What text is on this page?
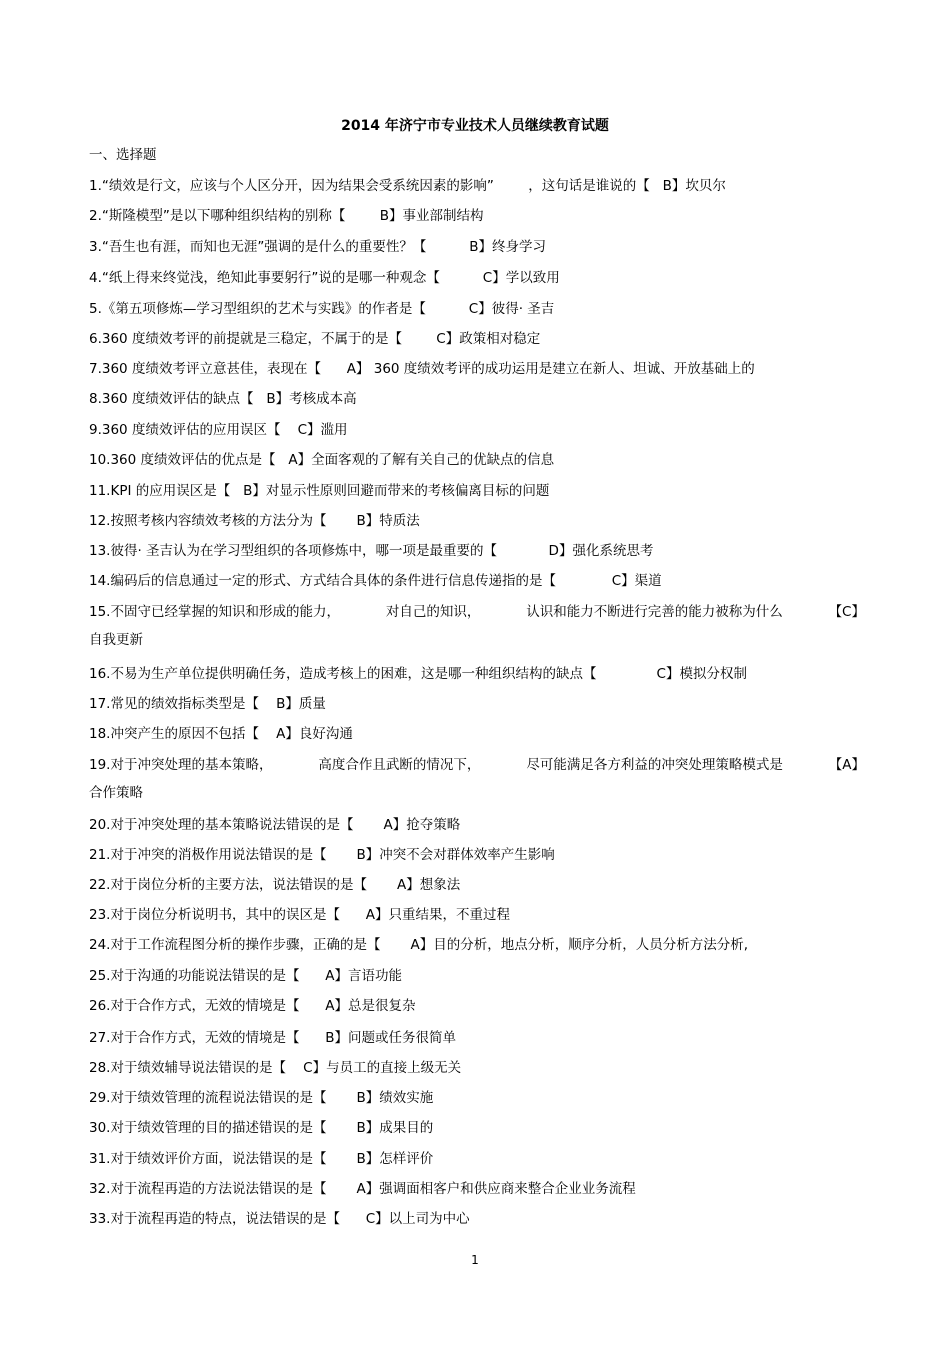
2014 年济宁市专业技术人员继续教育试题
一、选择题
1.“绩效是行文，应该与个人区分开，因为结果会受系统因素的影响”	，这句话是谁说的【   B】坎贝尔
2.“斯隆模型”是以下哪种组织结构的别称【        B】事业部制结构
3.“吾生也有涯，而知也无涯”强调的是什么的重要性？【          B】终身学习
4.“纸上得来终觉浅，绝知此事要躬行”说的是哪一种观念【          C】学以致用
5.《第五项修炼—学习型组织的艺术与实践》的作者是【          C】彼得· 圣吉
6.360 度绩效考评的前提就是三稳定，不属于的是【        C】政策相对稳定
7.360 度绩效考评立意甚佳，表现在【      A】 360 度绩效考评的成功运用是建立在新人、坦诚、开放基础上的
8.360 度绩效评估的缺点【   B】考核成本高
9.360 度绩效评估的应用误区【    C】滥用
10.360 度绩效评估的优点是【   A】全面客观的了解有关自己的优缺点的信息
11.KPI 的应用误区是【   B】对显示性原则回避而带来的考核偏离目标的问题
12.按照考核内容绩效考核的方法分为【       B】特质法
13.彼得· 圣吉认为在学习型组织的各项修炼中，哪一项是最重要的【            D】强化系统思考
14.编码后的信息通过一定的形式、方式结合具体的条件进行信息传递指的是【             C】渠道
15.不固守已经掌握的知识和形成的能力，	对自己的知识，	认识和能力不断进行完善的能力被称为什么	【C】
自我更新
16.不易为生产单位提供明确任务，造成考核上的困难，这是哪一种组织结构的缺点【              C】模拟分权制
17.常见的绩效指标类型是【    B】质量
18.冲突产生的原因不包括【    A】良好沟通
19.对于冲突处理的基本策略，	高度合作且武断的情况下，	尽可能满足各方利益的冲突处理策略模式是	【A】
合作策略
20.对于冲突处理的基本策略说法错误的是【       A】抢夺策略
21.对于冲突的消极作用说法错误的是【       B】冲突不会对群体效率产生影响
22.对于岗位分析的主要方法，说法错误的是【       A】想象法
23.对于岗位分析说明书，其中的误区是【      A】只重结果，不重过程
24.对于工作流程图分析的操作步骤，正确的是【       A】目的分析，地点分析，顺序分析，人员分析方法分析,
25.对于沟通的功能说法错误的是【      A】言语功能
26.对于合作方式，无效的情境是【      A】总是很复杂
27.对于合作方式，无效的情境是【      B】问题或任务很简单
28.对于绩效辅导说法错误的是【    C】与员工的直接上级无关
29.对于绩效管理的流程说法错误的是【       B】绩效实施
30.对于绩效管理的目的描述错误的是【       B】成果目的
31.对于绩效评价方面，说法错误的是【       B】怎样评价
32.对于流程再造的方法说法错误的是【       A】强调面相客户和供应商来整合企业业务流程
33.对于流程再造的特点，说法错误的是【      C】以上司为中心
1
